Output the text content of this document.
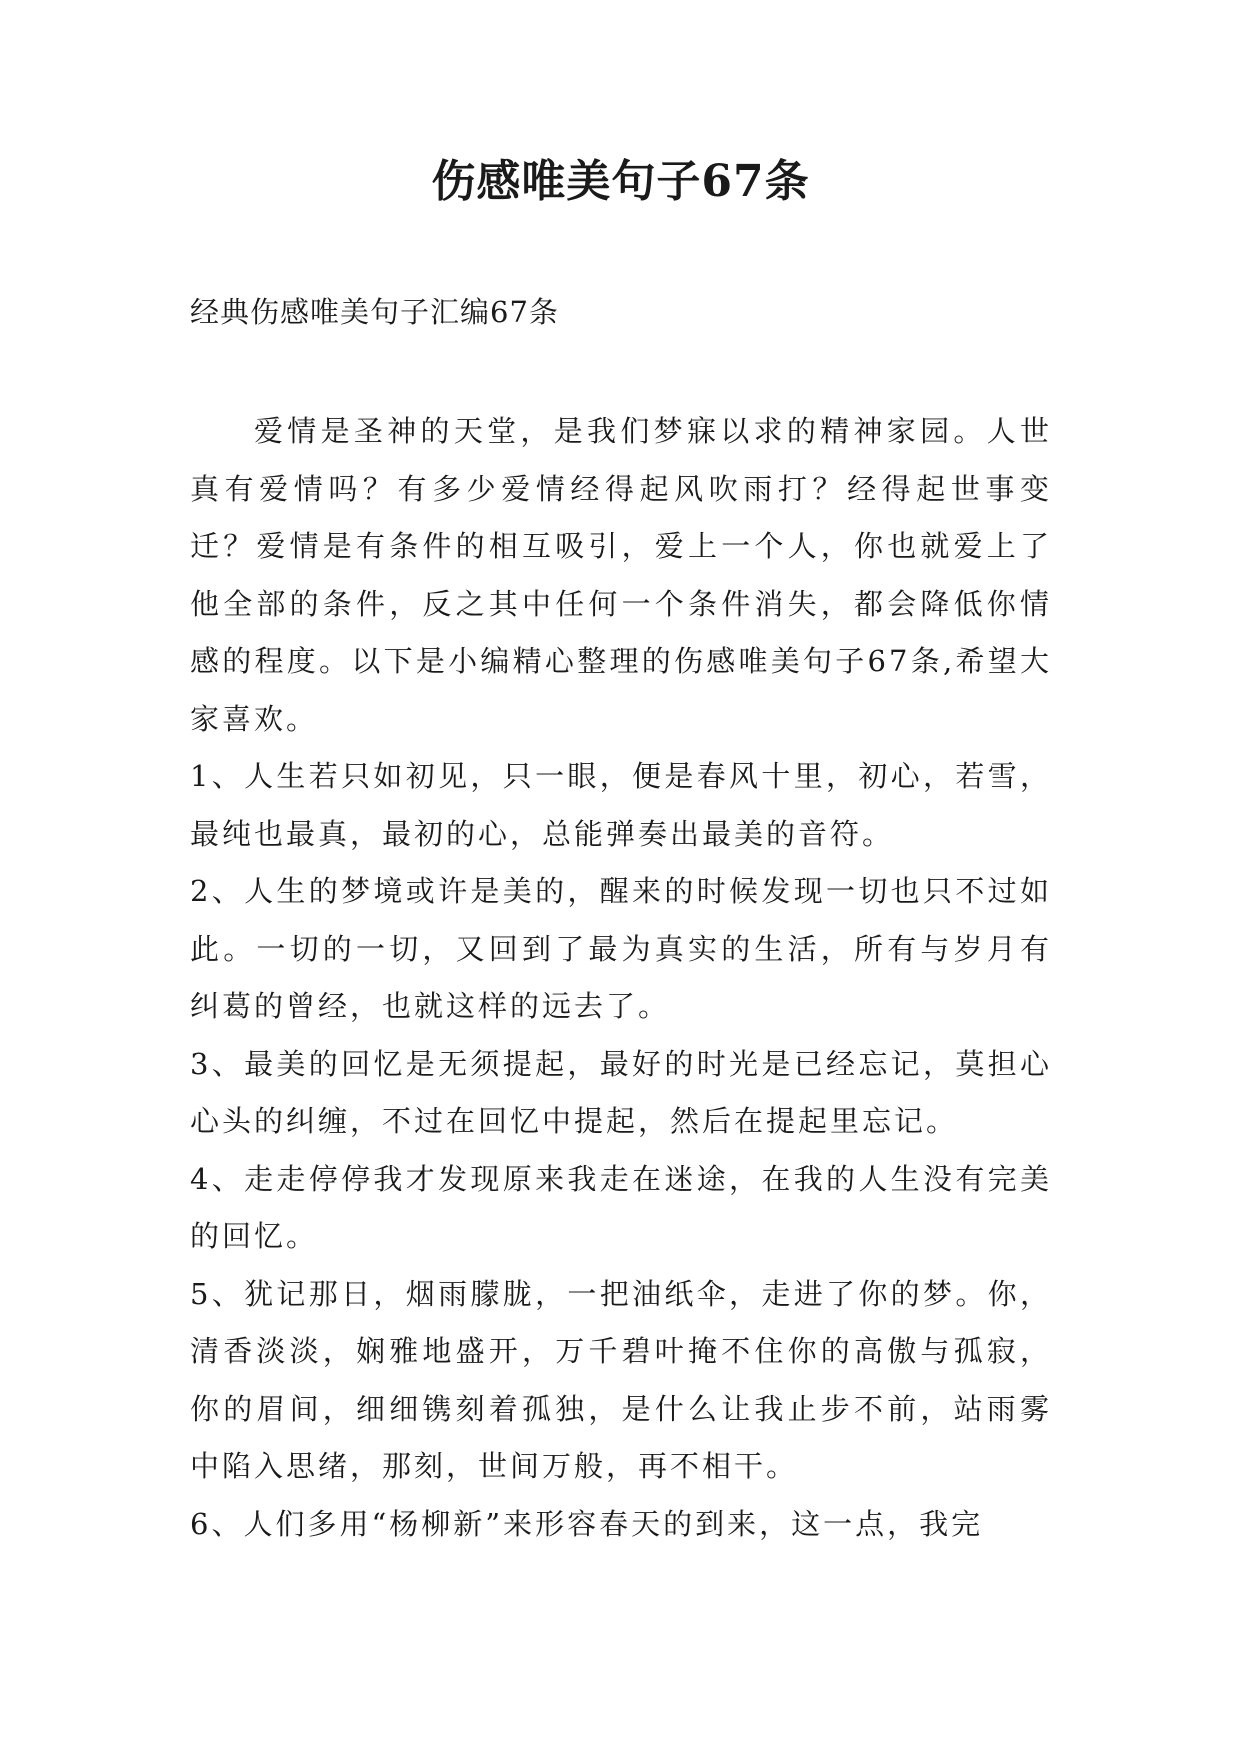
伤感唯美句子67条

经典伤感唯美句子汇编67条

爱情是圣神的天堂，是我们梦寐以求的精神家园。人世真有爱情吗？有多少爱情经得起风吹雨打？经得起世事变迁？爱情是有条件的相互吸引，爱上一个人，你也就爱上了他全部的条件，反之其中任何一个条件消失，都会降低你情感的程度。以下是小编精心整理的伤感唯美句子67条,希望大家喜欢。

1、人生若只如初见，只一眼，便是春风十里，初心，若雪，最纯也最真，最初的心，总能弹奏出最美的音符。

2、人生的梦境或许是美的，醒来的时候发现一切也只不过如此。一切的一切，又回到了最为真实的生活，所有与岁月有纠葛的曾经，也就这样的远去了。

3、最美的回忆是无须提起，最好的时光是已经忘记，莫担心心头的纠缠，不过在回忆中提起，然后在提起里忘记。

4、走走停停我才发现原来我走在迷途，在我的人生没有完美的回忆。

5、犹记那日，烟雨朦胧，一把油纸伞，走进了你的梦。你，清香淡淡，娴雅地盛开，万千碧叶掩不住你的高傲与孤寂，你的眉间，细细镌刻着孤独，是什么让我止步不前，站雨雾中陷入思绪，那刻，世间万般，再不相干。

6、人们多用“杨柳新”来形容春天的到来，这一点，我完
